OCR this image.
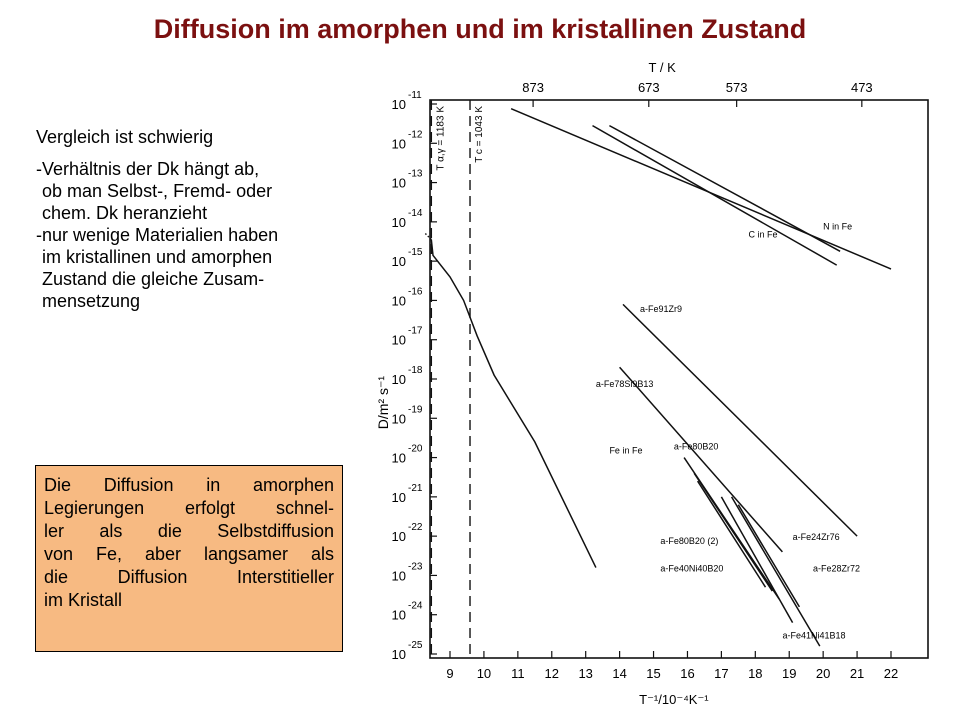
Diffusion im amorphen und im kristallinen Zustand
Vergleich ist schwierig
-Verhältnis der Dk hängt ab,
ob man Selbst-, Fremd- oder
chem. Dk heranzieht
-nur wenige Materialien haben
im kristallinen und amorphen
Zustand die gleiche Zusam-
mensetzung
Die Diffusion in amorphen
Legierungen erfolgt schnel-
ler als die Selbstdiffusion
von Fe, aber langsamer als
die Diffusion Interstitieller
im Kristall
10
-11
10
-12
10
-13
10
-14
10
-15
10
-16
10
-17
10
-18
10
-19
10
-20
10
-21
10
-22
10
-23
10
-24
10
-25
9 10 11 12 13 14 15 16 17 18 19 20 21 22
873	673	573	473
T / K
T⁻¹/10⁻⁴K⁻¹
D/m² s⁻¹
T α,γ = 1183 K	T c = 1043 K
N in Fe
C in Fe
Fe in Fe
a-Fe91Zr9
a-Fe78Si9B13
a-Fe80B20
a-Fe80B20 (2)
a-Fe40Ni40B20
a-Fe24Zr76
a-Fe28Zr72
a-Fe41Ni41B18
